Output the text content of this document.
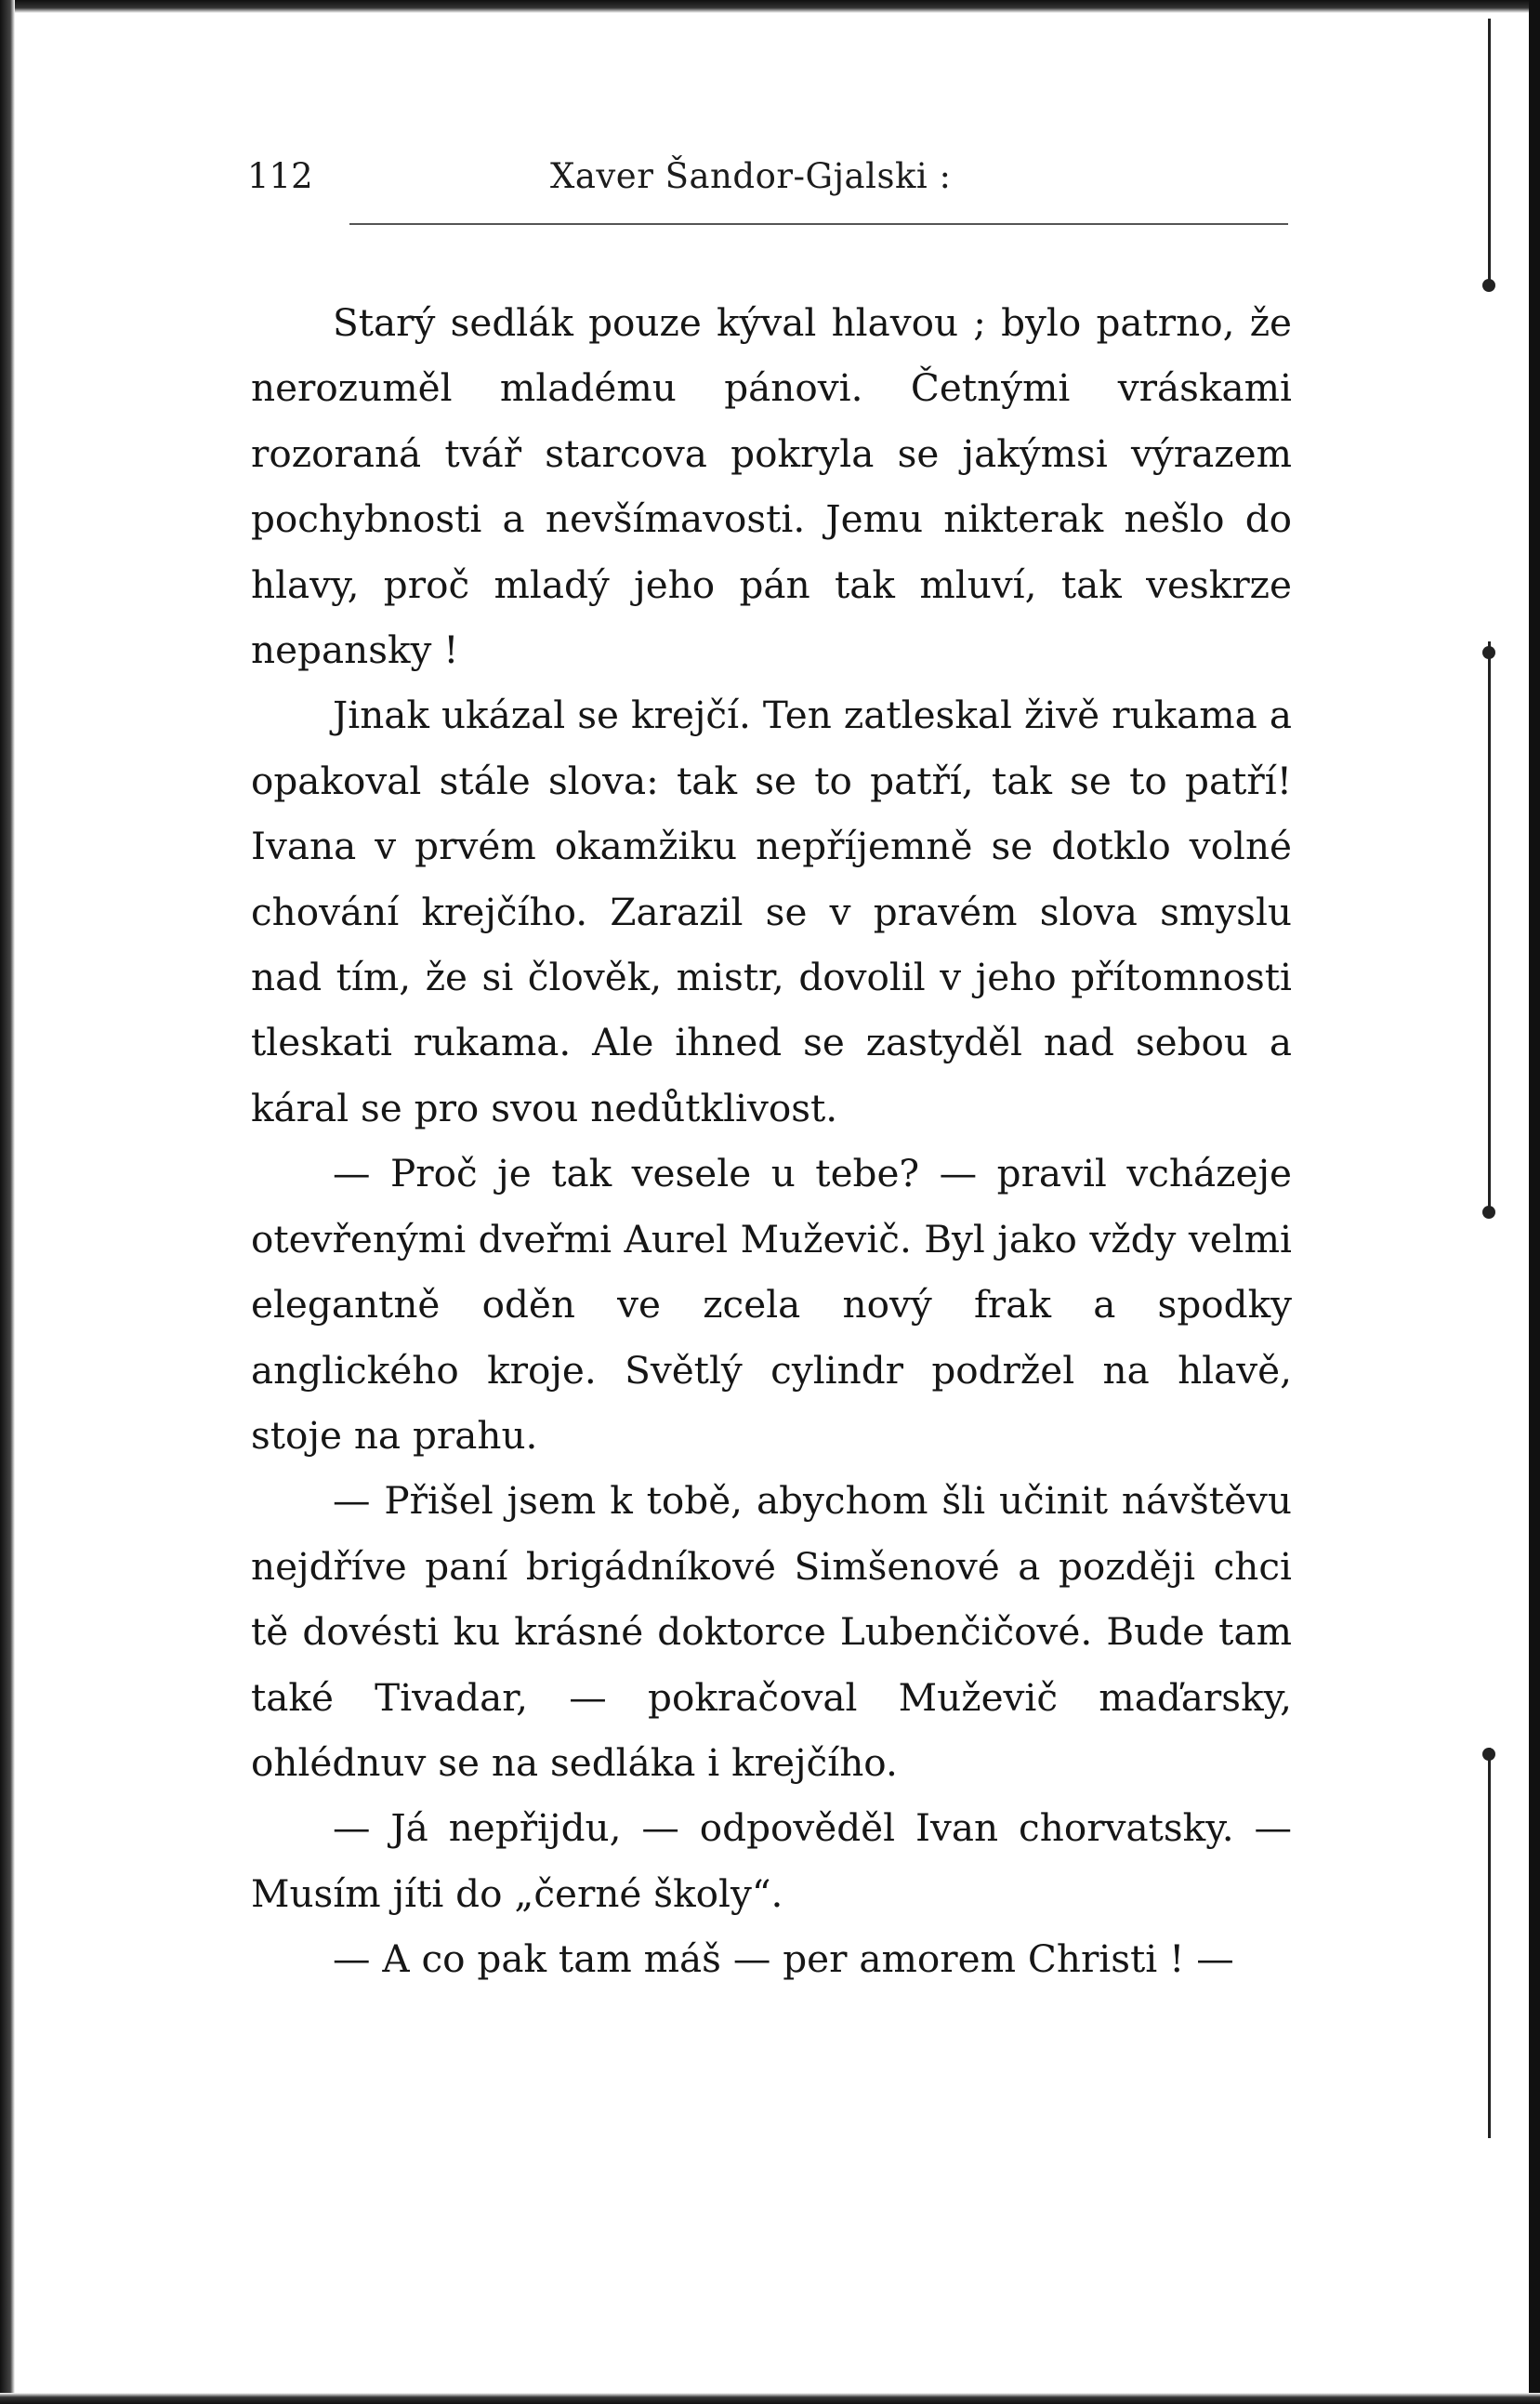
112	Xaver Šandor-Gjalski :

Starý sedlák pouze kýval hlavou ; bylo patrno, že nerozuměl mladému pánovi. Četnými vráskami rozoraná tvář starcova pokryla se jakýmsi výrazem pochybnosti a nevšímavosti. Jemu nikterak nešlo do hlavy, proč mladý jeho pán tak mluví, tak veskrze nepansky !

Jinak ukázal se krejčí. Ten zatleskal živě rukama a opakoval stále slova: tak se to patří, tak se to patří! Ivana v prvém okamžiku nepříjemně se dotklo volné chování krejčího. Zarazil se v pravém slova smyslu nad tím, že si člověk, mistr, dovolil v jeho přítomnosti tleskati rukama. Ale ihned se zastyděl nad sebou a káral se pro svou nedůtklivost.

— Proč je tak vesele u tebe? — pravil vcházeje otevřenými dveřmi Aurel Muževič. Byl jako vždy velmi elegantně oděn ve zcela nový frak a spodky anglického kroje. Světlý cylindr podržel na hlavě, stoje na prahu.

— Přišel jsem k tobě, abychom šli učinit návštěvu nejdříve paní brigádníkové Simšenové a později chci tě dovésti ku krásné doktorce Lubenčičové. Bude tam také Tivadar, — pokračoval Muževič maďarsky, ohlédnuv se na sedláka i krejčího.

— Já nepřijdu, — odpověděl Ivan chorvatsky. — Musím jíti do „černé školy“.

— A co pak tam máš — per amorem Christi ! —
